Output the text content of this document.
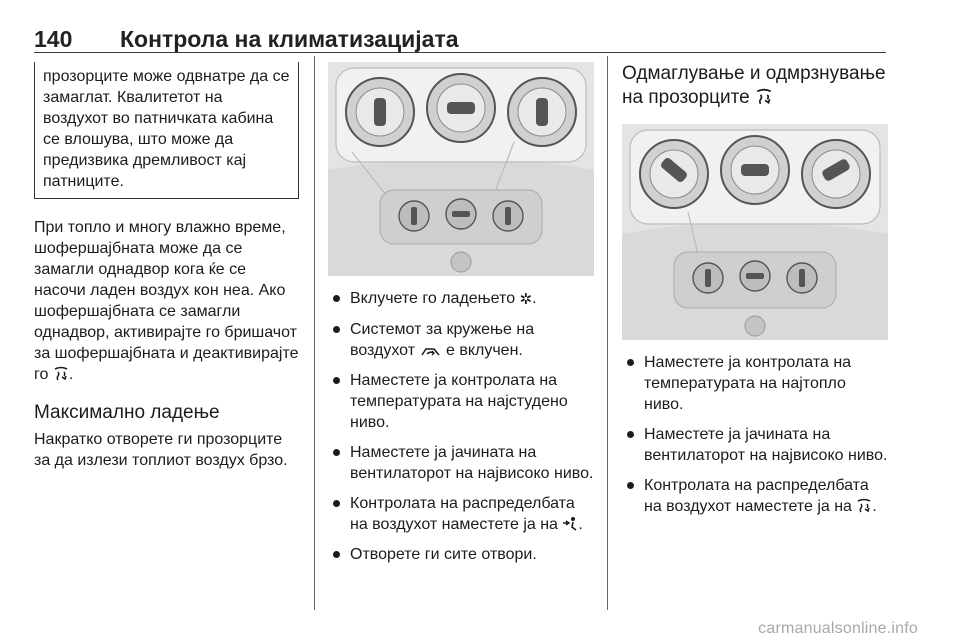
140 Контрола на климатизацијата
прозорците може одвнатре да се замаглат. Квалитетот на воздухот во патничката кабина се влошува, што може да предизвика дремливост кај патниците.

При топло и многу влажно време, шофершајбната може да се замагли однадвор кога ќе се насочи ладен воздух кон неа. Ако шофершајбната се замагли однадвор, активирајте го бришачот за шофершајбната и деактивирајте го .

Максимално ладење

Накратко отворете ги прозорците за да излези топлиот воздух брзо.

Вклучете го ладењето ✲.
Системот за кружење на воздухот е вклучен.
Наместете ја контролата на температурата на најстудено ниво.
Наместете ја јачината на вентилаторот на највисоко ниво.
Контролата на распределбата на воздухот наместете ја на .
Отворете ги сите отвори.
Одмаглување и одмрзнување на прозорците
Наместете ја контролата на температурата на најтопло ниво.
Наместете ја јачината на вентилаторот на највисоко ниво.
Контролата на распределбата на воздухот наместете ја на .
carmanualsonline.info
